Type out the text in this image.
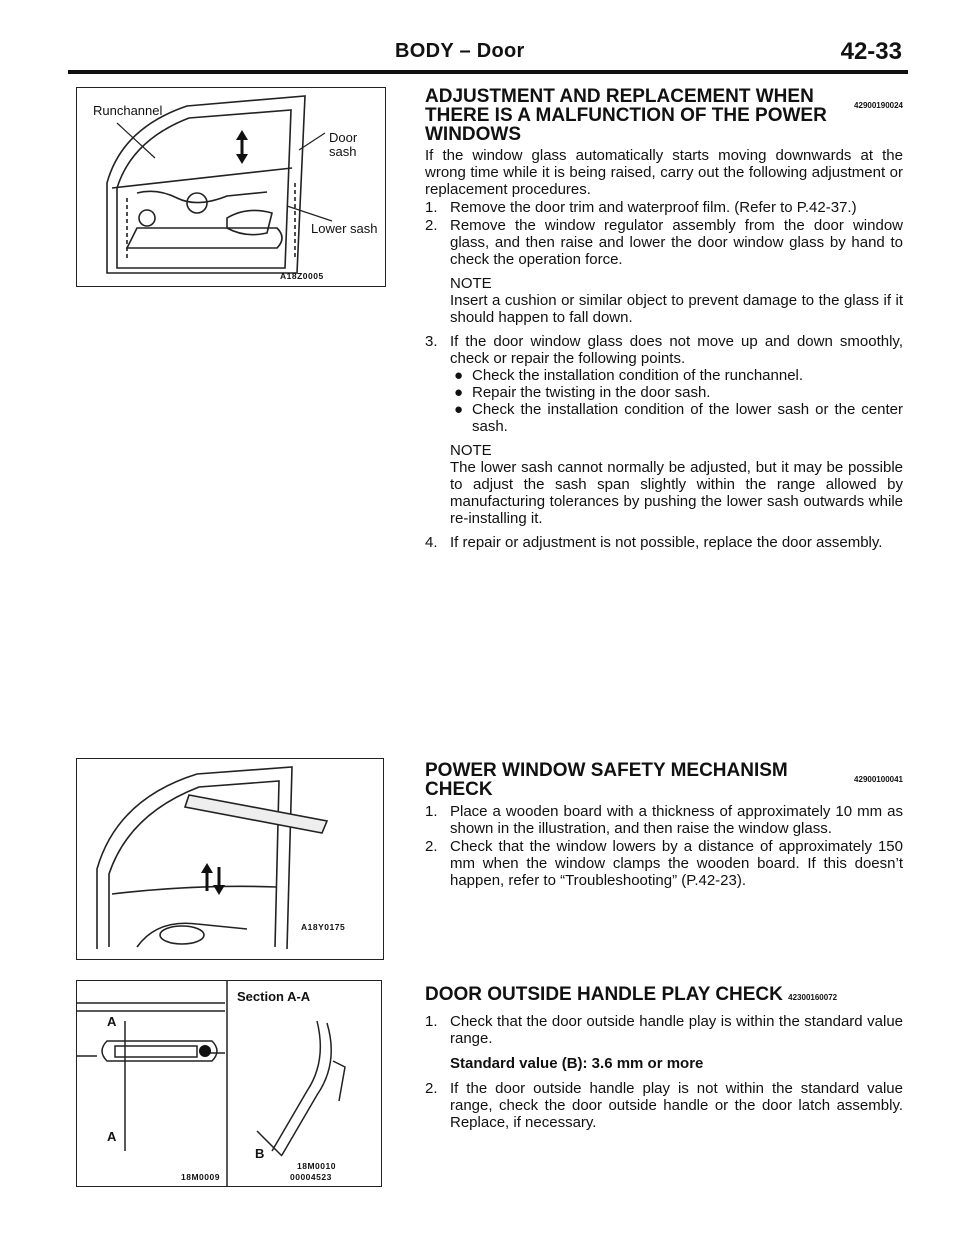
BODY – Door	42-33
Runchannel
Door
sash
Lower sash
A18Z0005
A18Y0175
Section A-A
A
A
B
18M0009
18M0010
00004523
42900190024
ADJUSTMENT AND REPLACEMENT WHEN THERE IS A MALFUNCTION OF THE POWER WINDOWS

If the window glass automatically starts moving downwards at the wrong time while it is being raised, carry out the following adjustment or replacement procedures.

1. Remove the door trim and waterproof film. (Refer to P.42-37.)
2. Remove the window regulator assembly from the door window glass, and then raise and lower the door window glass by hand to check the operation force.
NOTE
Insert a cushion or similar object to prevent damage to the glass if it should happen to fall down.
3. If the door window glass does not move up and down smoothly, check or repair the following points.
● Check the installation condition of the runchannel.
● Repair the twisting in the door sash.
● Check the installation condition of the lower sash or the center sash.
NOTE
The lower sash cannot normally be adjusted, but it may be possible to adjust the sash span slightly within the range allowed by manufacturing tolerances by pushing the lower sash outwards while re-installing it.
4. If repair or adjustment is not possible, replace the door assembly.
42900100041
POWER WINDOW SAFETY MECHANISM CHECK
1. Place a wooden board with a thickness of approximately 10 mm as shown in the illustration, and then raise the window glass.
2. Check that the window lowers by a distance of approximately 150 mm when the window clamps the wooden board. If this doesn’t happen, refer to “Troubleshooting” (P.42-23).
DOOR OUTSIDE HANDLE PLAY CHECK 42300160072
1. Check that the door outside handle play is within the standard value range.
Standard value (B): 3.6 mm or more
2. If the door outside handle play is not within the standard value range, check the door outside handle or the door latch assembly. Replace, if necessary.
